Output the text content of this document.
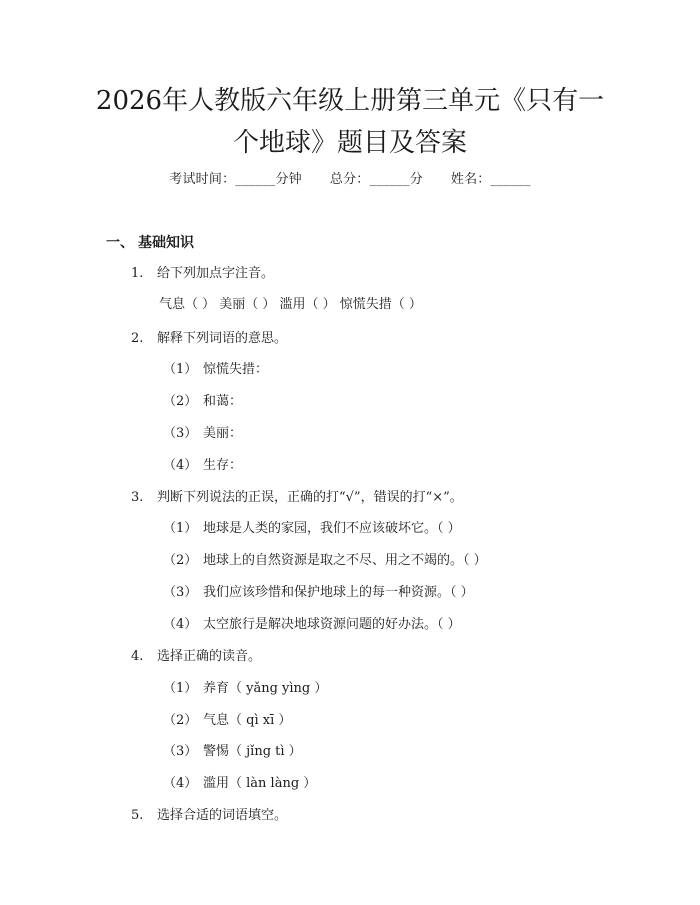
2026年人教版六年级上册第三单元《只有一
个地球》题目及答案
考试时间：______分钟 总分：______分 姓名：______
一、 基础知识
1. 给下列加点字注音。
气息（ ） 美丽（ ） 滥用（ ） 惊慌失措（ ）
2. 解释下列词语的意思。
（1） 惊慌失措：
（2） 和蔼：
（3） 美丽：
（4） 生存：
3. 判断下列说法的正误，正确的打“√”，错误的打“×”。
（1） 地球是人类的家园，我们不应该破坏它。（ ）
（2） 地球上的自然资源是取之不尽、用之不竭的。（ ）
（3） 我们应该珍惜和保护地球上的每一种资源。（ ）
（4） 太空旅行是解决地球资源问题的好办法。（ ）
4. 选择正确的读音。
（1） 养育（ yǎng yìng ）
（2） 气息（ qì xī ）
（3） 警惕（ jǐng tì ）
（4） 滥用（ làn làng ）
5. 选择合适的词语填空。
